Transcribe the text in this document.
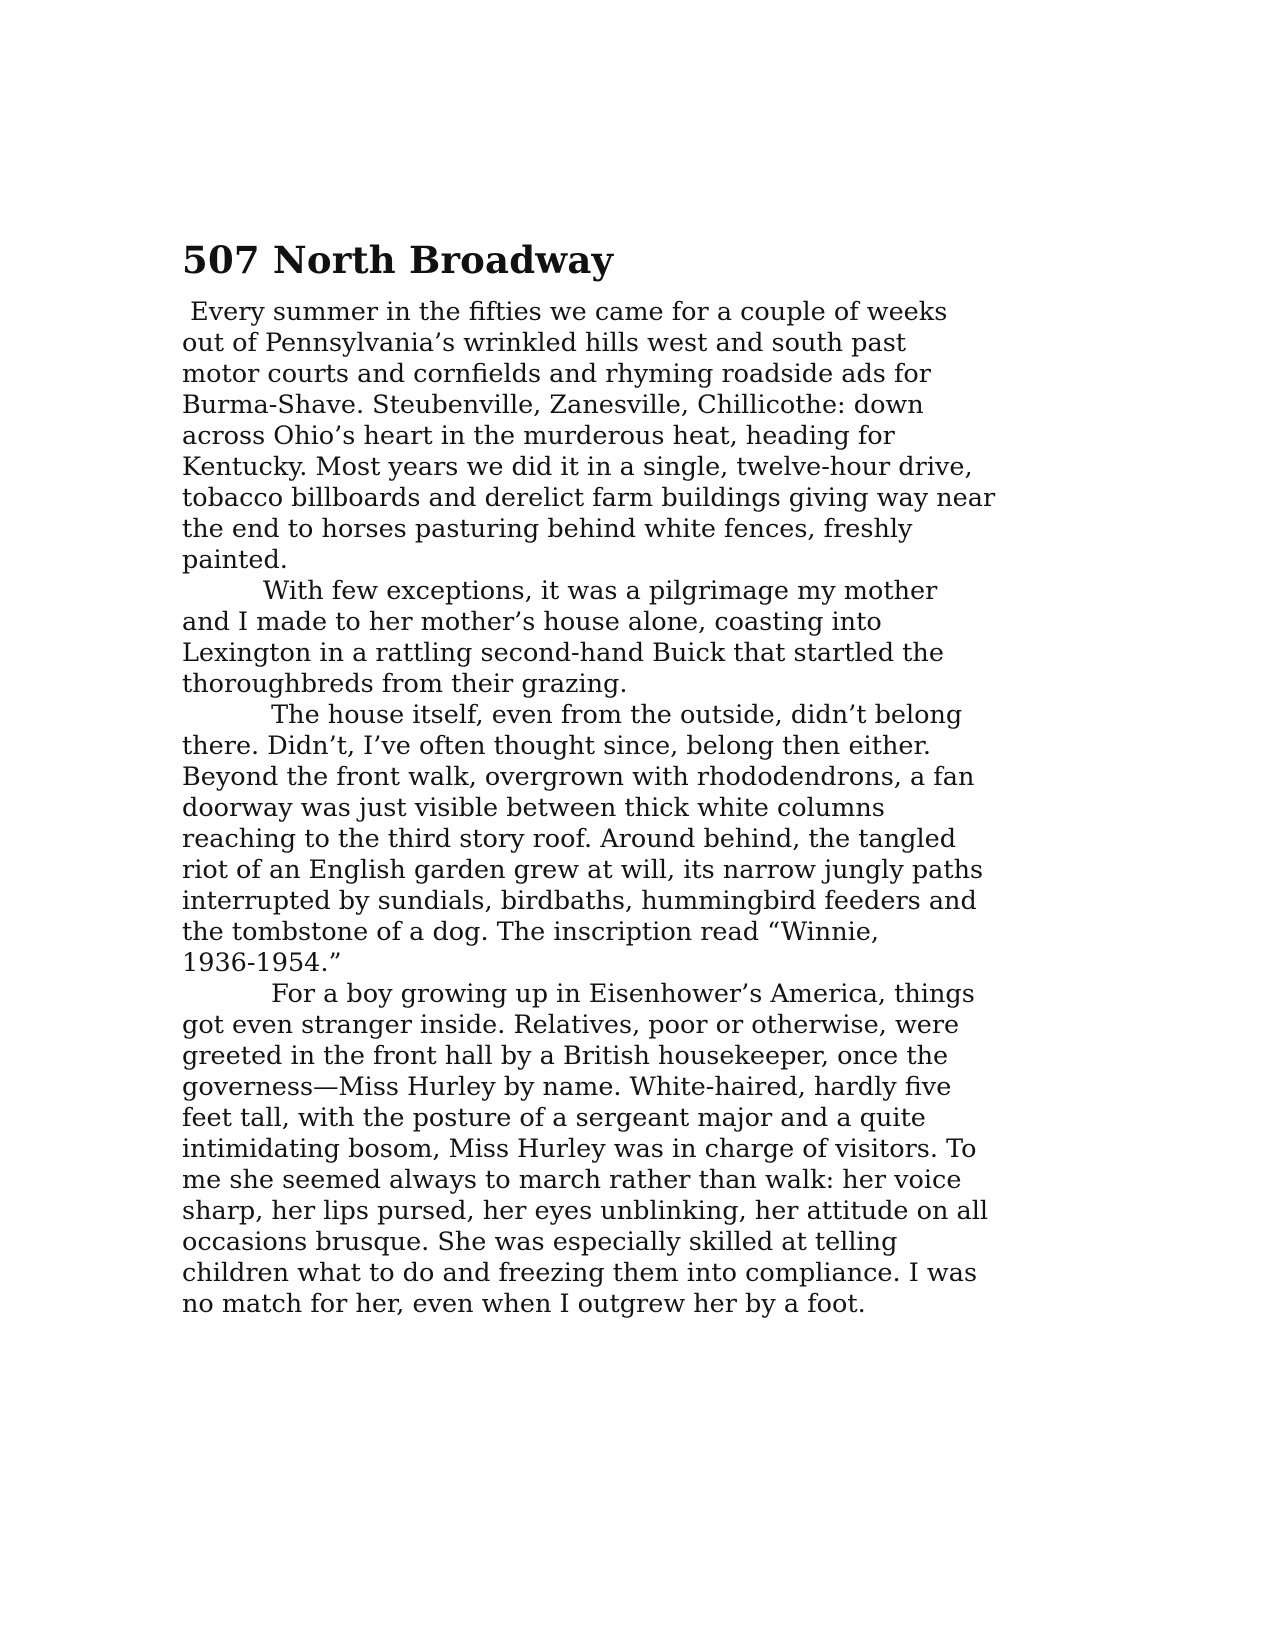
507 North Broadway
Every summer in the fifties we came for a couple of weeks
out of Pennsylvania’s wrinkled hills west and south past
motor courts and cornfields and rhyming roadside ads for
Burma-Shave. Steubenville, Zanesville, Chillicothe: down
across Ohio’s heart in the murderous heat, heading for
Kentucky. Most years we did it in a single, twelve-hour drive,
tobacco billboards and derelict farm buildings giving way near
the end to horses pasturing behind white fences, freshly
painted.
With few exceptions, it was a pilgrimage my mother
and I made to her mother’s house alone, coasting into
Lexington in a rattling second-hand Buick that startled the
thoroughbreds from their grazing.
The house itself, even from the outside, didn’t belong
there. Didn’t, I’ve often thought since, belong then either.
Beyond the front walk, overgrown with rhododendrons, a fan
doorway was just visible between thick white columns
reaching to the third story roof. Around behind, the tangled
riot of an English garden grew at will, its narrow jungly paths
interrupted by sundials, birdbaths, hummingbird feeders and
the tombstone of a dog. The inscription read “Winnie,
1936-1954.”
For a boy growing up in Eisenhower’s America, things
got even stranger inside. Relatives, poor or otherwise, were
greeted in the front hall by a British housekeeper, once the
governess—Miss Hurley by name. White-haired, hardly five
feet tall, with the posture of a sergeant major and a quite
intimidating bosom, Miss Hurley was in charge of visitors. To
me she seemed always to march rather than walk: her voice
sharp, her lips pursed, her eyes unblinking, her attitude on all
occasions brusque. She was especially skilled at telling
children what to do and freezing them into compliance. I was
no match for her, even when I outgrew her by a foot.
